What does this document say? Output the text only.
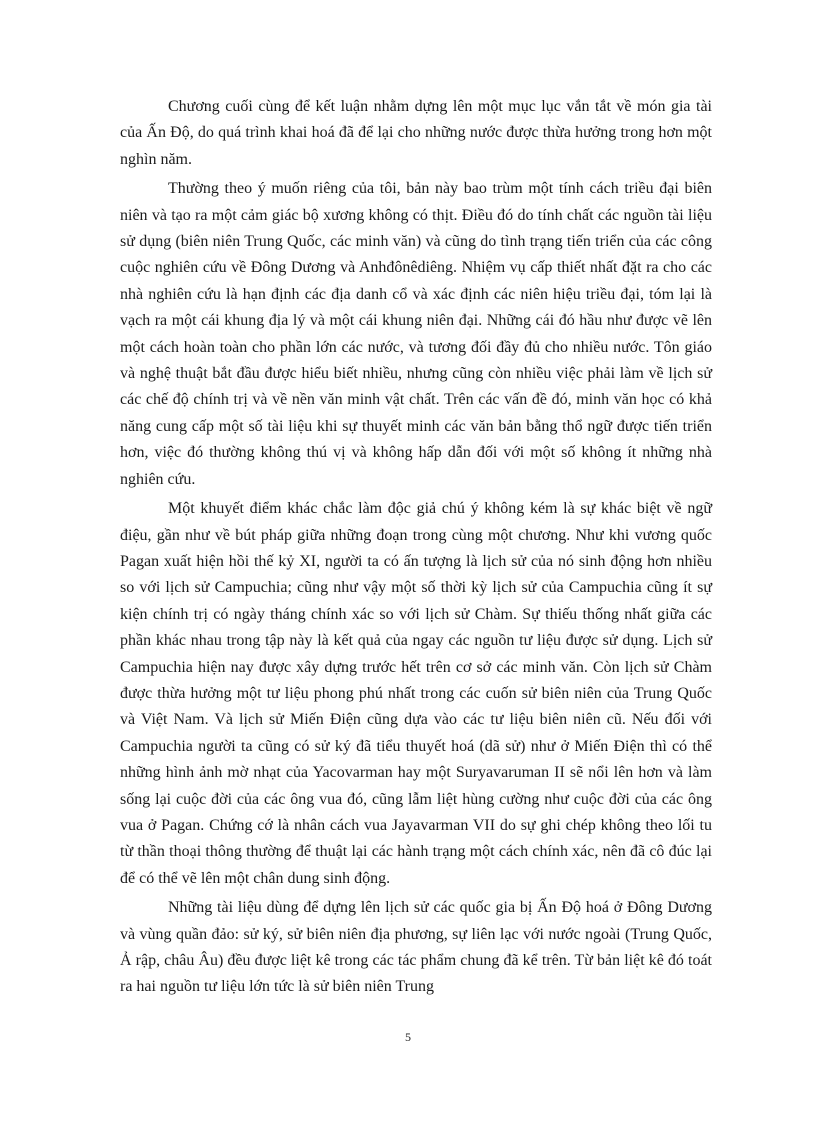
Chương cuối cùng để kết luận nhằm dựng lên một mục lục vắn tắt về món gia tài của Ấn Độ, do quá trình khai hoá đã để lại cho những nước được thừa hưởng trong hơn một nghìn năm.

Thường theo ý muốn riêng của tôi, bản này bao trùm một tính cách triều đại biên niên và tạo ra một cảm giác bộ xương không có thịt. Điều đó do tính chất các nguồn tài liệu sử dụng (biên niên Trung Quốc, các minh văn) và cũng do tình trạng tiến triển của các công cuộc nghiên cứu về Đông Dương và Anhđônêdiêng. Nhiệm vụ cấp thiết nhất đặt ra cho các nhà nghiên cứu là hạn định các địa danh cổ và xác định các niên hiệu triều đại, tóm lại là vạch ra một cái khung địa lý và một cái khung niên đại. Những cái đó hầu như được vẽ lên một cách hoàn toàn cho phần lớn các nước, và tương đối đầy đủ cho nhiều nước. Tôn giáo và nghệ thuật bắt đầu được hiểu biết nhiều, nhưng cũng còn nhiều việc phải làm về lịch sử các chế độ chính trị và về nền văn minh vật chất. Trên các vấn đề đó, minh văn học có khả năng cung cấp một số tài liệu khi sự thuyết minh các văn bản bằng thổ ngữ được tiến triển hơn, việc đó thường không thú vị và không hấp dẫn đối với một số không ít những nhà nghiên cứu.

Một khuyết điểm khác chắc làm độc giả chú ý không kém là sự khác biệt về ngữ điệu, gần như về bút pháp giữa những đoạn trong cùng một chương. Như khi vương quốc Pagan xuất hiện hồi thế kỷ XI, người ta có ấn tượng là lịch sử của nó sinh động hơn nhiều so với lịch sử Campuchia; cũng như vậy một số thời kỳ lịch sử của Campuchia cũng ít sự kiện chính trị có ngày tháng chính xác so với lịch sử Chàm. Sự thiếu thống nhất giữa các phần khác nhau trong tập này là kết quả của ngay các nguồn tư liệu được sử dụng. Lịch sử Campuchia hiện nay được xây dựng trước hết trên cơ sở các minh văn. Còn lịch sử Chàm được thừa hưởng một tư liệu phong phú nhất trong các cuốn sử biên niên của Trung Quốc và Việt Nam. Và lịch sử Miến Điện cũng dựa vào các tư liệu biên niên cũ. Nếu đối với Campuchia người ta cũng có sử ký đã tiểu thuyết hoá (dã sử) như ở Miến Điện thì có thể những hình ảnh mờ nhạt của Yacovarman hay một Suryavaruman II sẽ nổi lên hơn và làm sống lại cuộc đời của các ông vua đó, cũng lẫm liệt hùng cường như cuộc đời của các ông vua ở Pagan. Chứng cớ là nhân cách vua Jayavarman VII do sự ghi chép không theo lối tu từ thần thoại thông thường để thuật lại các hành trạng một cách chính xác, nên đã cô đúc lại để có thể vẽ lên một chân dung sinh động.

Những tài liệu dùng để dựng lên lịch sử các quốc gia bị Ấn Độ hoá ở Đông Dương và vùng quần đảo: sử ký, sử biên niên địa phương, sự liên lạc với nước ngoài (Trung Quốc, Ả rập, châu Âu) đều được liệt kê trong các tác phẩm chung đã kể trên. Từ bản liệt kê đó toát ra hai nguồn tư liệu lớn tức là sử biên niên Trung

5
